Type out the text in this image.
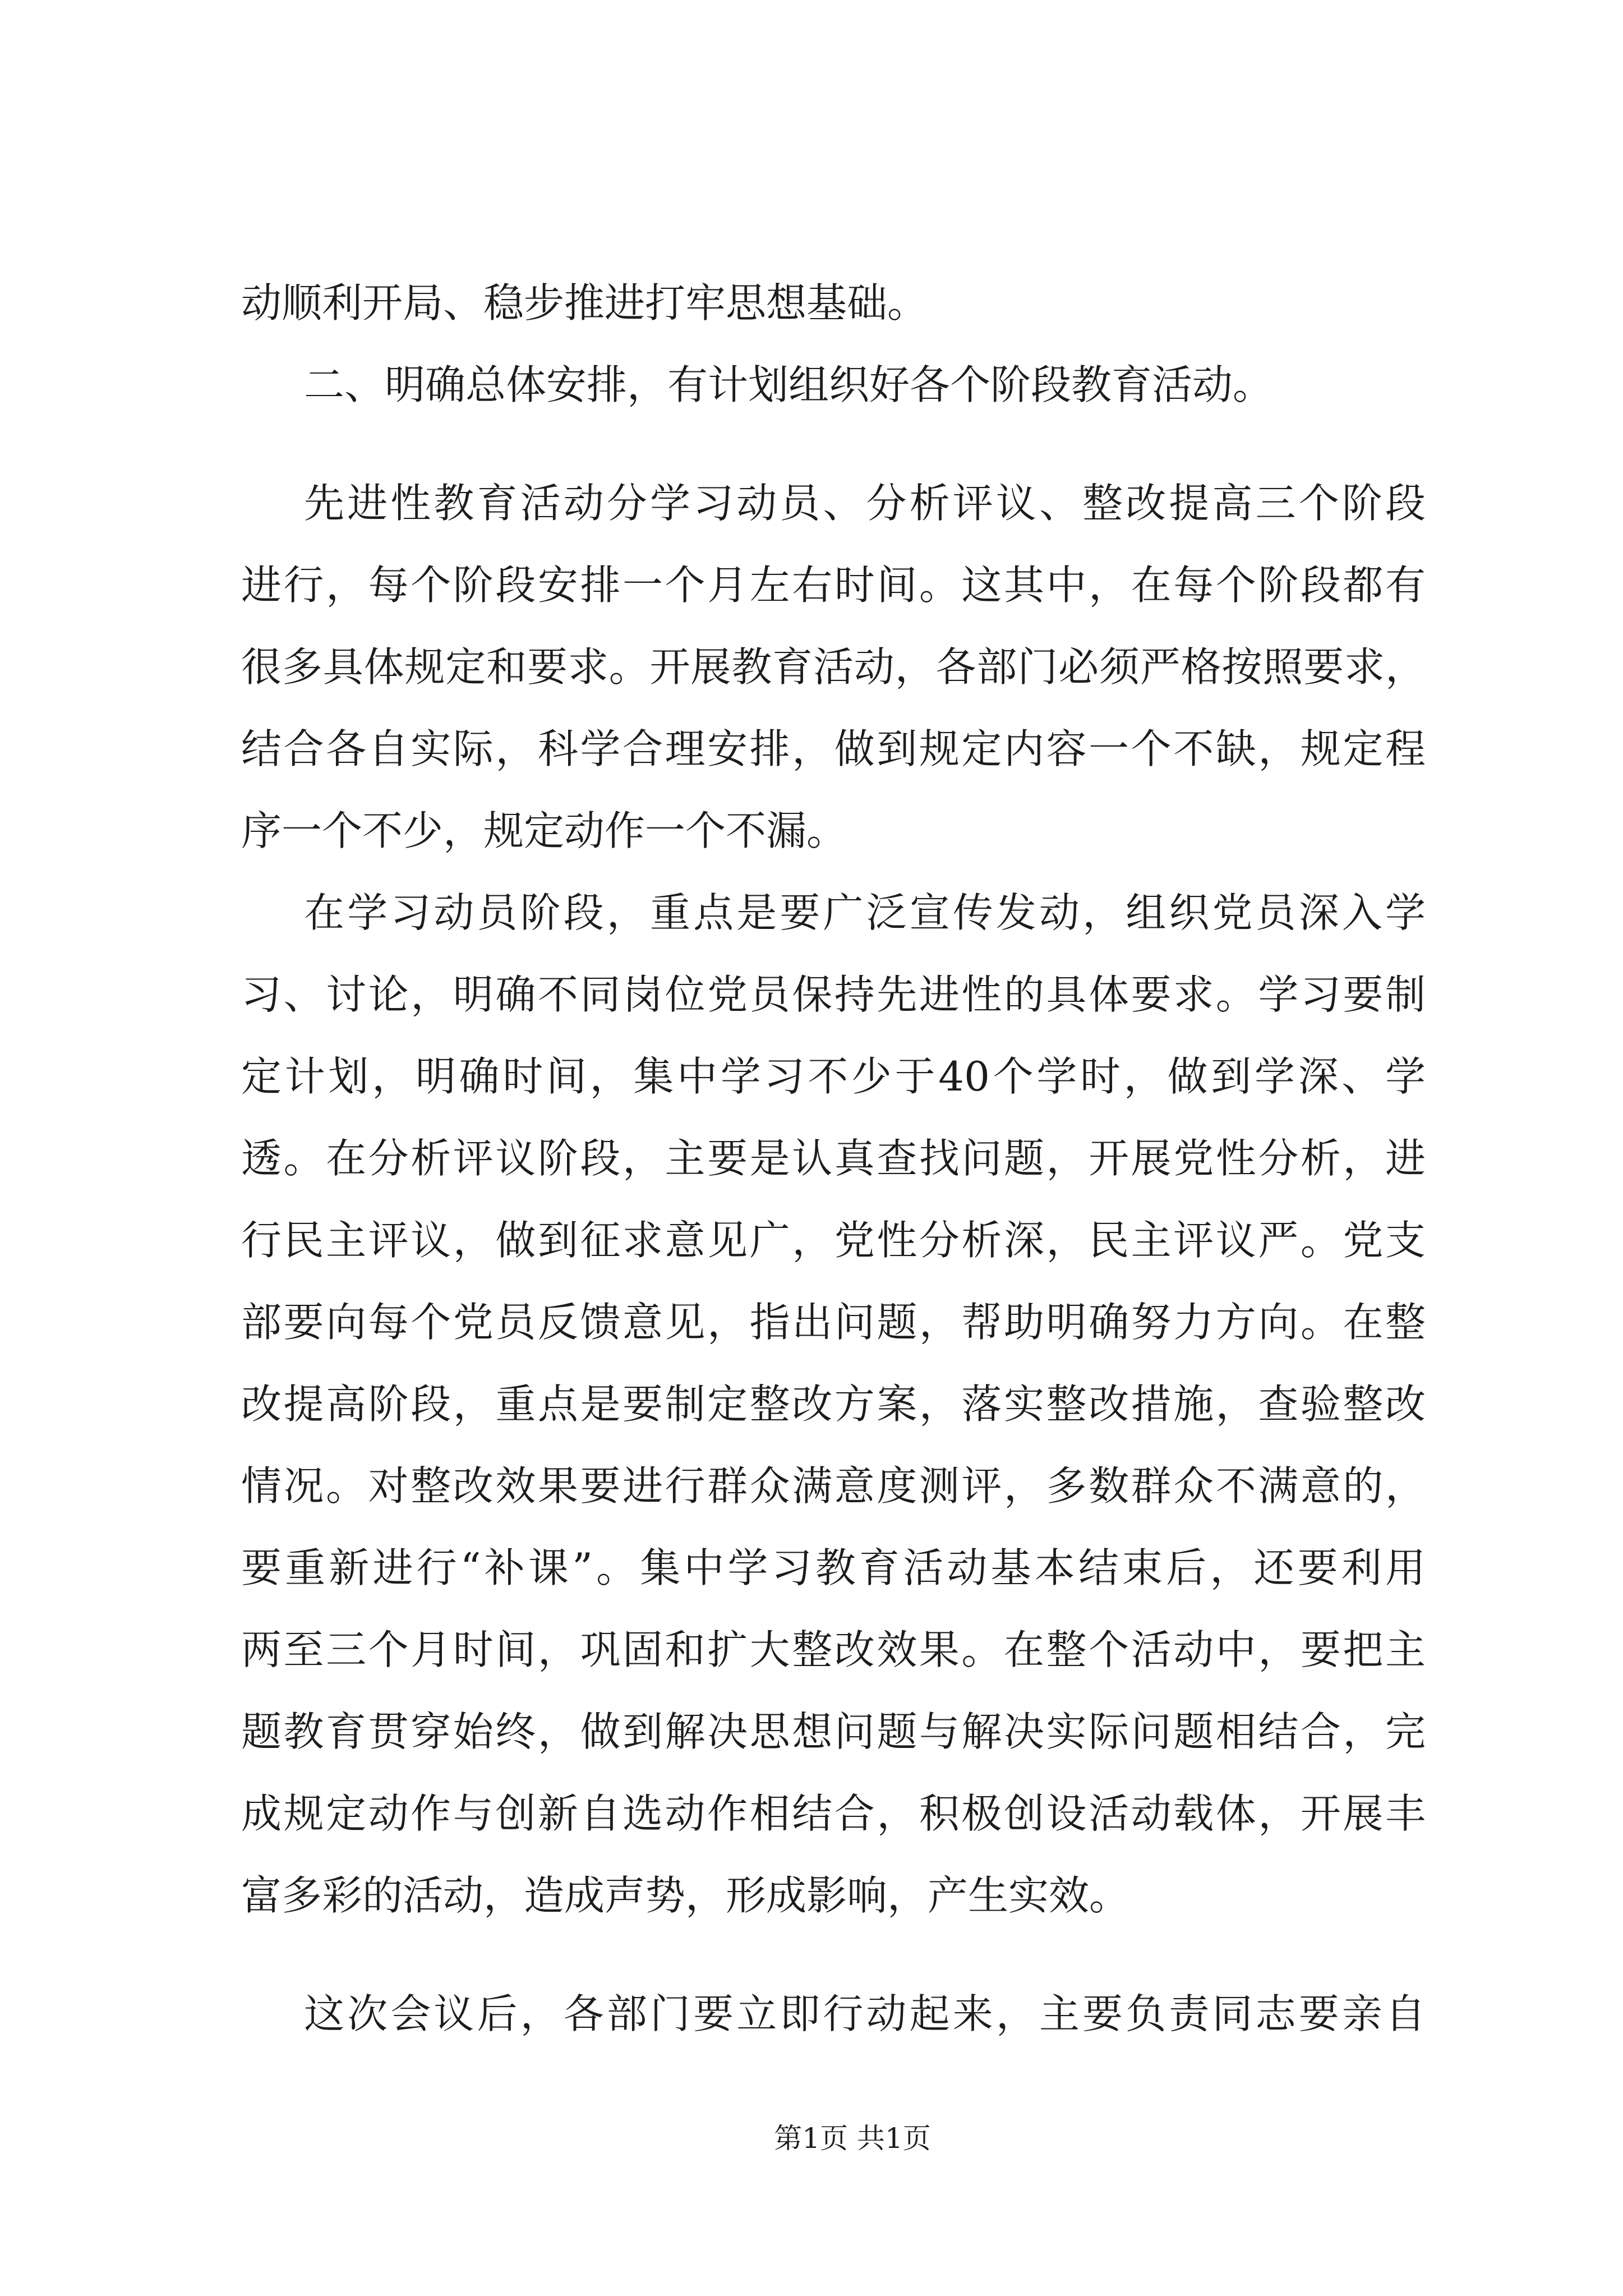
动顺利开局、稳步推进打牢思想基础。
二、明确总体安排，有计划组织好各个阶段教育活动。
先进性教育活动分学习动员、分析评议、整改提高三个阶段
进行，每个阶段安排一个月左右时间。这其中，在每个阶段都有
很多具体规定和要求。开展教育活动，各部门必须严格按照要求，
结合各自实际，科学合理安排，做到规定内容一个不缺，规定程
序一个不少，规定动作一个不漏。
在学习动员阶段，重点是要广泛宣传发动，组织党员深入学
习、讨论，明确不同岗位党员保持先进性的具体要求。学习要制
定计划，明确时间，集中学习不少于40个学时，做到学深、学
透。在分析评议阶段，主要是认真查找问题，开展党性分析，进
行民主评议，做到征求意见广，党性分析深，民主评议严。党支
部要向每个党员反馈意见，指出问题，帮助明确努力方向。在整
改提高阶段，重点是要制定整改方案，落实整改措施，查验整改
情况。对整改效果要进行群众满意度测评，多数群众不满意的，
要重新进行“补课”。集中学习教育活动基本结束后，还要利用
两至三个月时间，巩固和扩大整改效果。在整个活动中，要把主
题教育贯穿始终，做到解决思想问题与解决实际问题相结合，完
成规定动作与创新自选动作相结合，积极创设活动载体，开展丰
富多彩的活动，造成声势，形成影响，产生实效。
这次会议后，各部门要立即行动起来，主要负责同志要亲自
第1页 共1页
